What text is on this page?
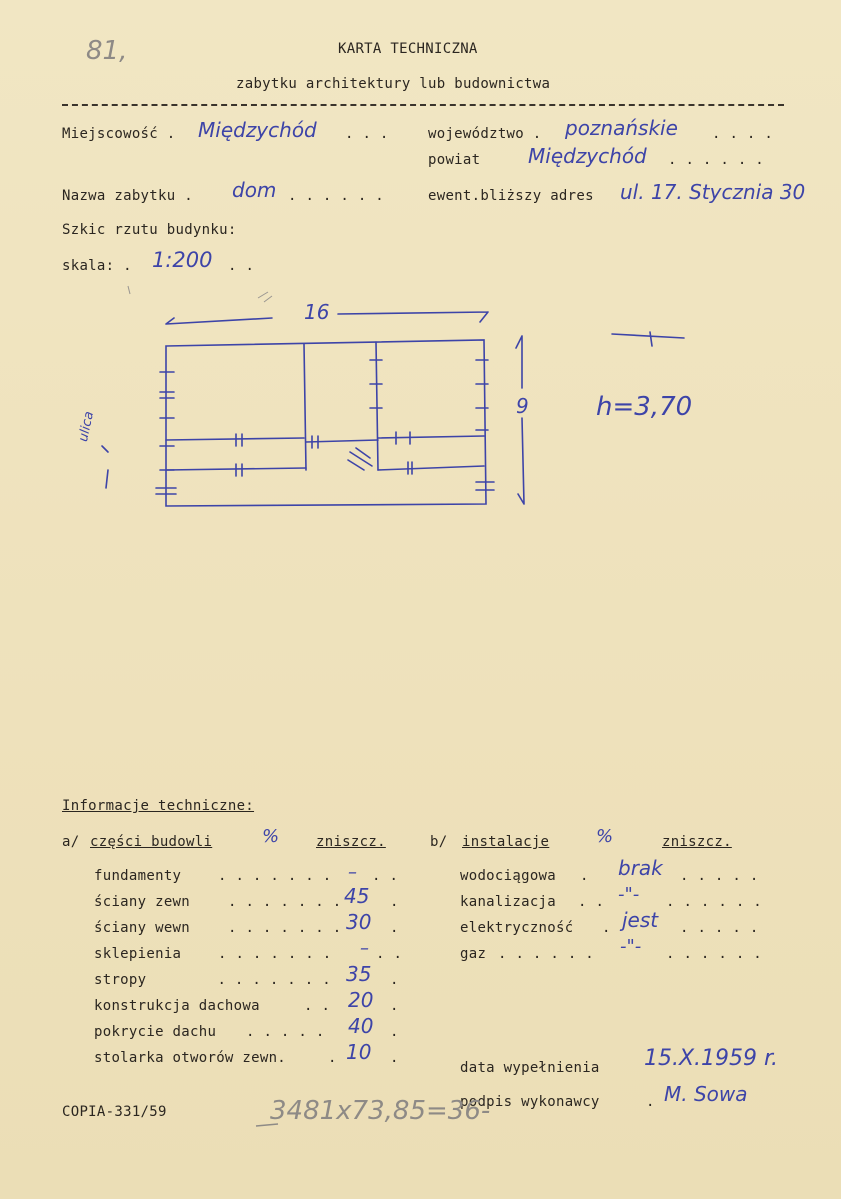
81,	KARTA TECHNICZNA
zabytku architektury lub budownictwa
Miejscowość . Międzychód . . .	województwo . poznańskie . . . .
powiat Międzychód . . . . . .
Nazwa zabytku . dom . . . . . .	ewent.bliższy adres ul. 17. Stycznia 30
Szkic rzutu budynku:
skala: . 1:200 . .
16
9	h=3,70
ulica
Informacje techniczne:
a/ części budowli	%	zniszcz.	b/ instalacje	%	zniszcz.
fundamenty	. . . . . . . – . .
ściany zewn	. . . . . . . 45 .
ściany wewn	. . . . . . . 30 .
sklepienia	. . . . . . . – . .
stropy	. . . . . . . 35 .
konstrukcja dachowa	. . 20 .
pokrycie dachu . . . . . 40 .
stolarka otworów zewn.	. 10 .
wodociągowa . brak . . . . .
kanalizacja . . -"- . . . . . .
elektryczność . jest . . . . .
gaz . . . . . . -"- . . . . . .
data wypełnienia 15.X.1959 r.
podpis wykonawcy	. M. Sowa
COPIA-331/59	3481x73,85=36-
